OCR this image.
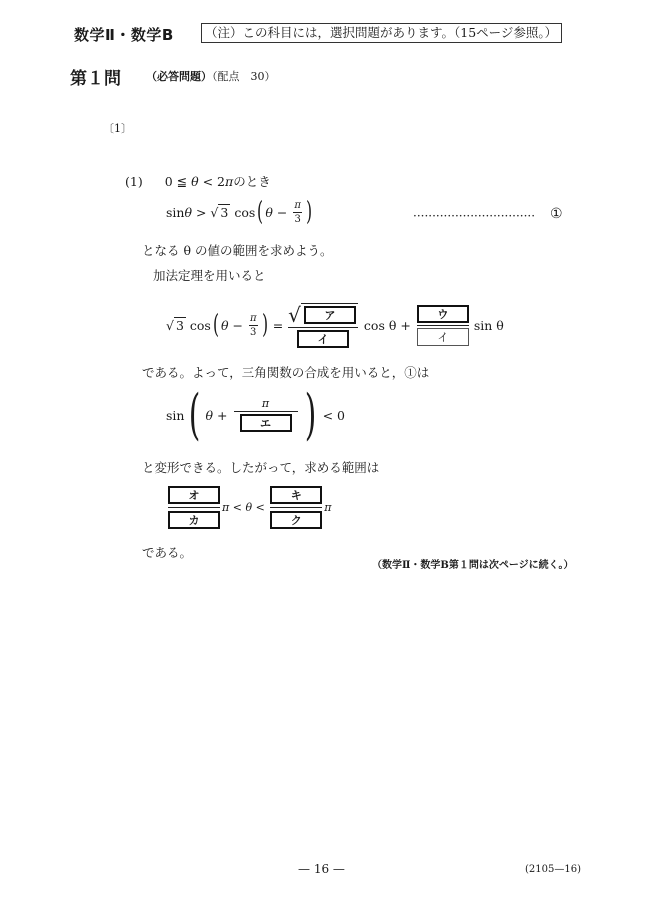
数学Ⅱ・数学B	（注）この科目には，選択問題があります。（15ページ参照。）
第１問 （必答問題）（配点　30）
〔1〕
(1) 0 ≦ θ < 2πのとき
sin θ > √ 3 cos ( $\theta - \frac{\pi}{3}$ )	································ ①
となる θ の値の範囲を求めよう。
加法定理を用いると
√ 3 cos ( $\theta - \frac{\pi}{3}$ ) = √	ア
イ $\cos \theta + \frac{\text{ウ}}{\text{イ}}$ sin θ
である。よって，三角関数の合成を用いると，①は
sin ( $\theta + \frac{\pi}{\text{エ}}$ ) < 0
と変形できる。したがって，求める範囲は
$\frac{\text{オ}}{\text{カ}}$ $\pi < \theta < \frac{\text{キ}}{\text{ク}}$ π
である。
（数学Ⅱ・数学B第１問は次ページに続く。）
— 16 —	(2105—16)
